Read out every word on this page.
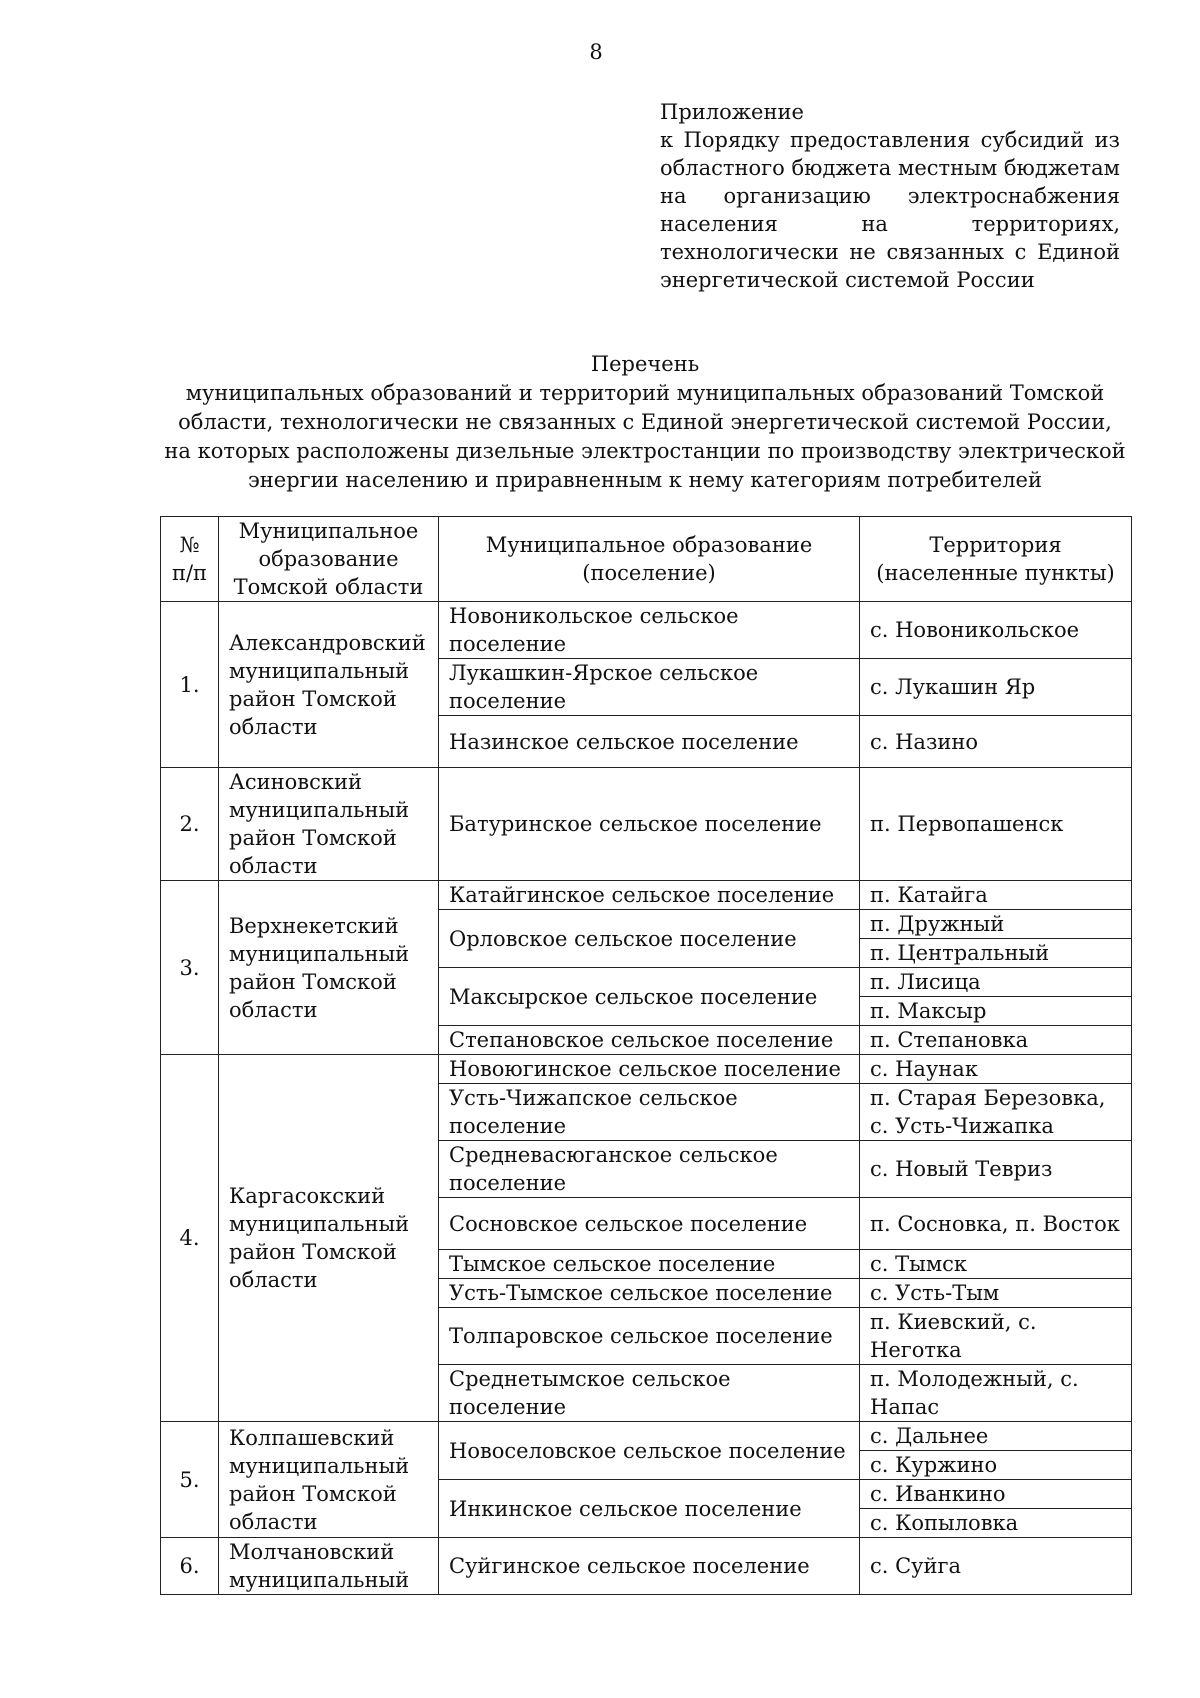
8
Приложение
к Порядку предоставления субсидий из областного бюджета местным бюджетам на организацию электроснабжения населения на территориях, технологически не связанных с Единой энергетической системой России
Перечень
муниципальных образований и территорий муниципальных образований Томской
области, технологически не связанных с Единой энергетической системой России,
на которых расположены дизельные электростанции по производству электрической
энергии населению и приравненным к нему категориям потребителей
№ п/п	Муниципальное образование Томской области	Муниципальное образование (поселение)	Территория (населенные пункты)
1.	Александровский муниципальный район Томской области	Новоникольское сельское поселение	с. Новоникольское
		Лукашкин-Ярское сельское поселение	с. Лукашин Яр
		Назинское сельское поселение	с. Назино
2.	Асиновский муниципальный район Томской области	Батуринское сельское поселение	п. Первопашенск
3.	Верхнекетский муниципальный район Томской области	Катайгинское сельское поселение	п. Катайга
		Орловское сельское поселение	п. Дружный
			п. Центральный
		Максырское сельское поселение	п. Лисица
			п. Максыр
		Степановское сельское поселение	п. Степановка
4.	Каргасокский муниципальный район Томской области	Новоюгинское сельское поселение	с. Наунак
		Усть-Чижапское сельское поселение	п. Старая Березовка, с. Усть-Чижапка
		Средневасюганское сельское поселение	с. Новый Тевриз
		Сосновское сельское поселение	п. Сосновка, п. Восток
		Тымское сельское поселение	с. Тымск
		Усть-Тымское сельское поселение	с. Усть-Тым
		Толпаровское сельское поселение	п. Киевский, с. Неготка
		Среднетымское сельское поселение	п. Молодежный, с. Напас
5.	Колпашевский муниципальный район Томской области	Новоселовское сельское поселение	с. Дальнее
			с. Куржино
		Инкинское сельское поселение	с. Иванкино
			с. Копыловка
6.	Молчановский муниципальный	Суйгинское сельское поселение	с. Суйга
